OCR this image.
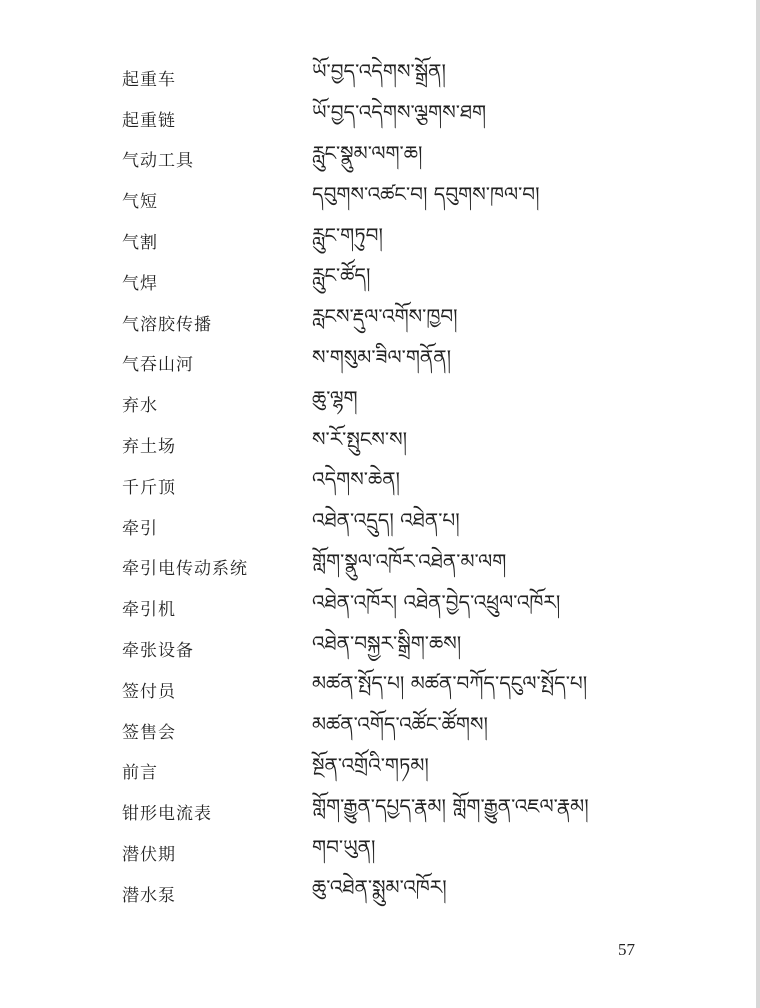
起重车	ཡོ་བྱད་འདེགས་སྒྲོན།
起重链	ཡོ་བྱད་འདེགས་ལྕགས་ཐག
气动工具	རླུང་སྣུམ་ལག་ཆ།
气短	དབུགས་འཚང་བ། དབུགས་ཁལ་བ།
气割	རླུང་གཏུབ།
气焊	རླུང་ཚོད།
气溶胶传播	རླངས་རྡུལ་འགོས་ཁྱབ།
气吞山河	ས་གསུམ་ཟིལ་གནོན།
弃水	ཆུ་ལྷག
弃土场	ས་རོ་སྤུངས་ས།
千斤顶	འདེགས་ཆེན།
牵引	འཐེན་འདྲུད། འཐེན་པ།
牵引电传动系统	གློག་སྣུལ་འཁོར་འཐེན་མ་ལག
牵引机	འཐེན་འཁོར། འཐེན་བྱེད་འཕྲུལ་འཁོར།
牵张设备	འཐེན་བསྐྱར་སྒྲིག་ཆས།
签付员	མཚན་སྤོད་པ། མཚན་བཀོད་དངུལ་སྤོད་པ།
签售会	མཚན་འགོད་འཚོང་ཚོགས།
前言	སྔོན་འགྲོའི་གཏམ།
钳形电流表	གློག་རྒྱུན་དཔྱད་རྣམ། གློག་རྒྱུན་འཇལ་རྣམ།
潜伏期	གབ་ཡུན།
潜水泵	ཆུ་འཐེན་སྨུམ་འཁོར།
57
